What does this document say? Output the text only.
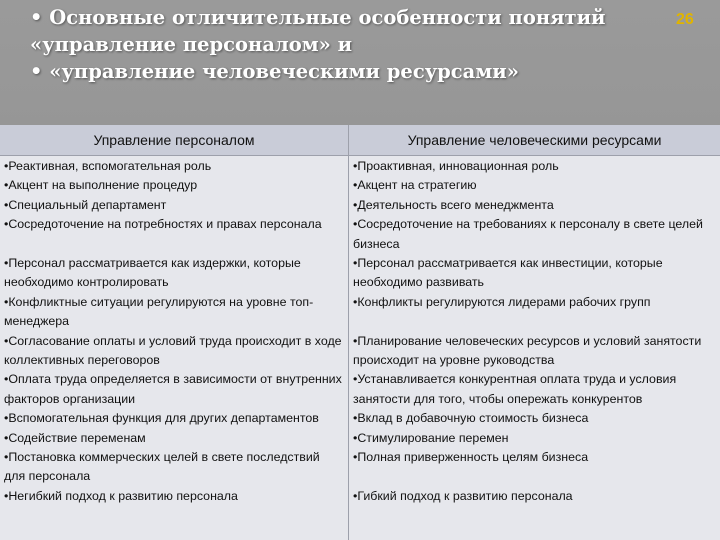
• Основные отличительные особенности понятий
«управление персоналом» и
• «управление человеческими ресурсами»
26
Управление персоналом	Управление человеческими ресурсами
•Реактивная, вспомогательная роль
•Акцент на выполнение процедур
•Специальный департамент
•Сосредоточение на потребностях и правах персонала
•Персонал рассматривается как издержки, которые необходимо контролировать
•Конфликтные ситуации регулируются на уровне топ-менеджера
•Согласование оплаты и условий труда происходит в ходе коллективных переговоров
•Оплата труда определяется в зависимости от внутренних факторов организации
•Вспомогательная функция для других департаментов
•Содействие переменам
•Постановка коммерческих целей в свете последствий для персонала
•Негибкий подход к развитию персонала
•Проактивная, инновационная роль
•Акцент на стратегию
•Деятельность всего менеджмента
•Сосредоточение на требованиях к персоналу в свете целей бизнеса
•Персонал рассматривается как инвестиции, которые необходимо развивать
•Конфликты регулируются лидерами рабочих групп
•Планирование человеческих ресурсов и условий занятости происходит на уровне руководства
•Устанавливается конкурентная оплата труда и условия занятости для того, чтобы опережать конкурентов
•Вклад в добавочную стоимость бизнеса
•Стимулирование перемен
•Полная приверженность целям бизнеса
•Гибкий подход к развитию персонала
